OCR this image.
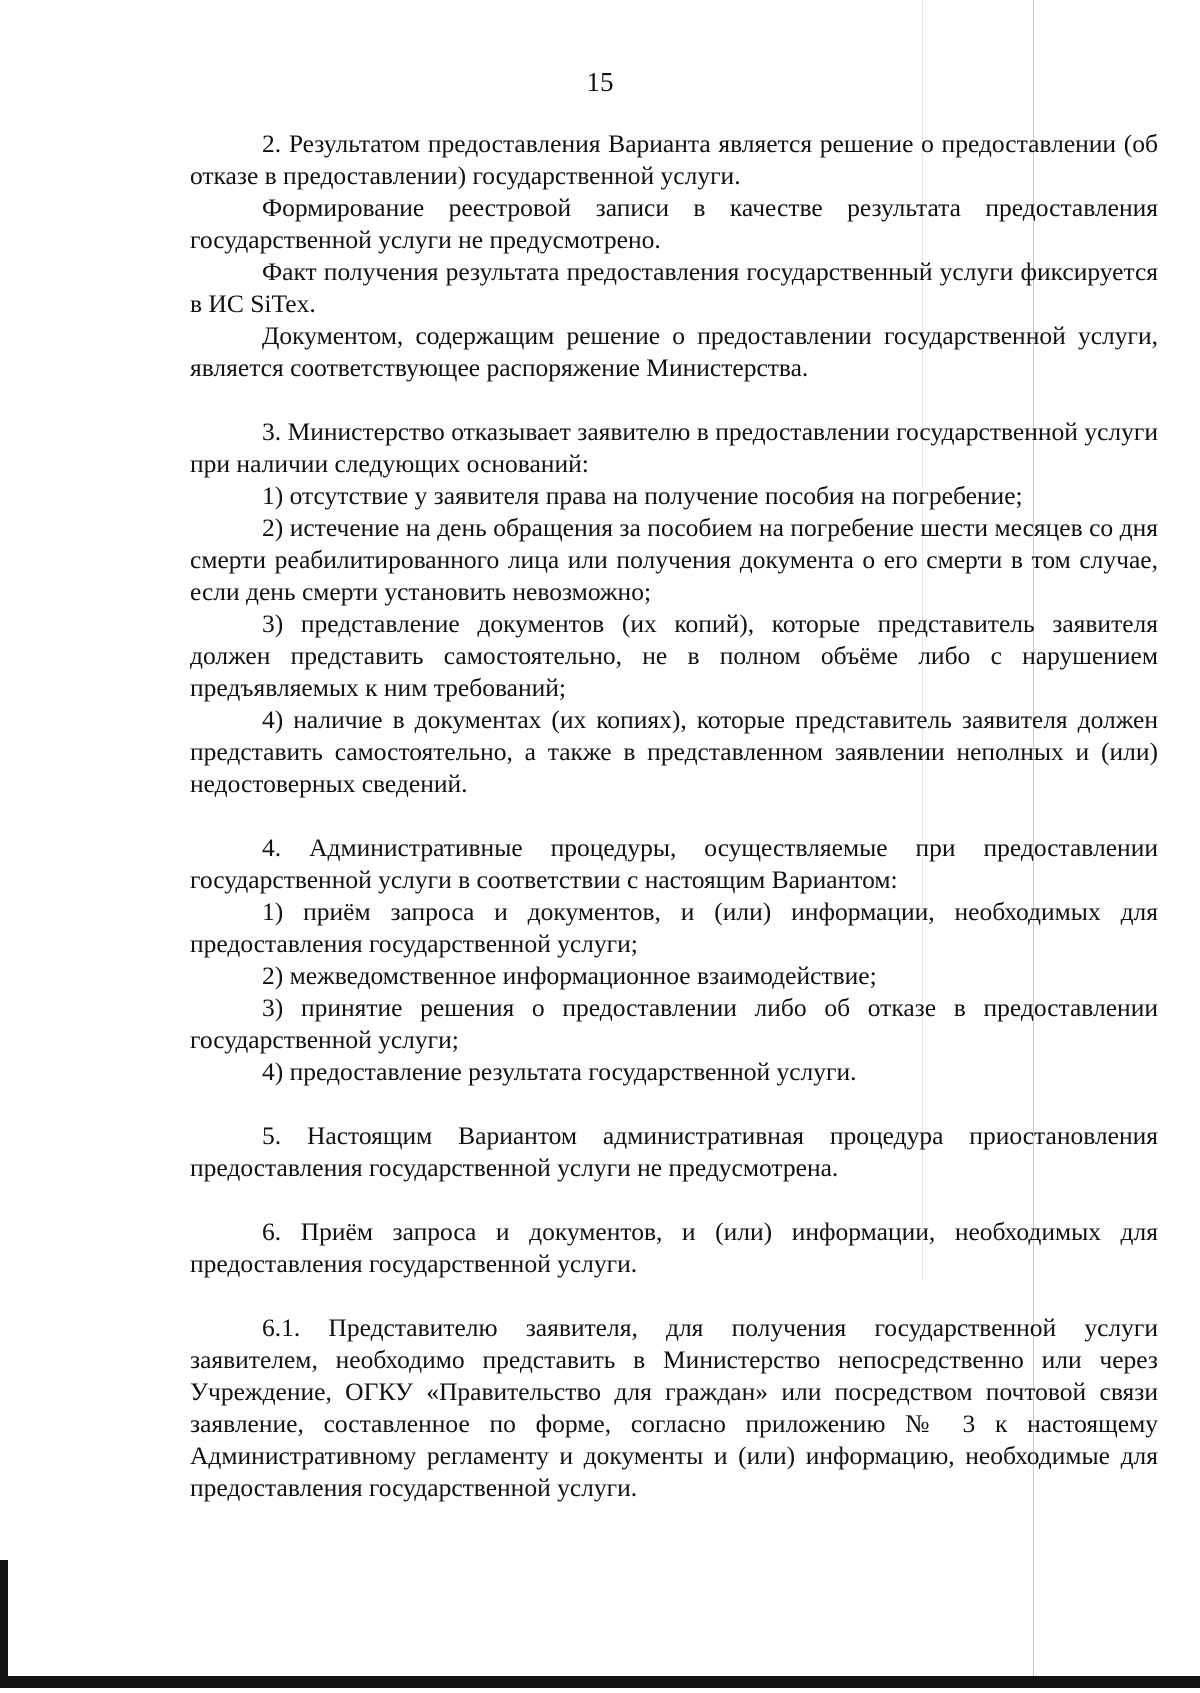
15

2. Результатом предоставления Варианта является решение о предоставлении (об отказе в предоставлении) государственной услуги.

Формирование реестровой записи в качестве результата предоставления государственной услуги не предусмотрено.

Факт получения результата предоставления государственный услуги фиксируется в ИС SiTex.

Документом, содержащим решение о предоставлении государственной услуги, является соответствующее распоряжение Министерства.

3. Министерство отказывает заявителю в предоставлении государственной услуги при наличии следующих оснований:

1) отсутствие у заявителя права на получение пособия на погребение;

2) истечение на день обращения за пособием на погребение шести месяцев со дня смерти реабилитированного лица или получения документа о его смерти в том случае, если день смерти установить невозможно;

3) представление документов (их копий), которые представитель заявителя должен представить самостоятельно, не в полном объёме либо с нарушением предъявляемых к ним требований;

4) наличие в документах (их копиях), которые представитель заявителя должен представить самостоятельно, а также в представленном заявлении неполных и (или) недостоверных сведений.

4. Административные процедуры, осуществляемые при предоставлении государственной услуги в соответствии с настоящим Вариантом:

1) приём запроса и документов, и (или) информации, необходимых для предоставления государственной услуги;

2) межведомственное информационное взаимодействие;

3) принятие решения о предоставлении либо об отказе в предоставлении государственной услуги;

4) предоставление результата государственной услуги.

5. Настоящим Вариантом административная процедура приостановления предоставления государственной услуги не предусмотрена.

6. Приём запроса и документов, и (или) информации, необходимых для предоставления государственной услуги.

6.1. Представителю заявителя, для получения государственной услуги заявителем, необходимо представить в Министерство непосредственно или через Учреждение, ОГКУ «Правительство для граждан» или посредством почтовой связи заявление, составленное по форме, согласно приложению № 3 к настоящему Административному регламенту и документы и (или) информацию, необходимые для предоставления государственной услуги.
